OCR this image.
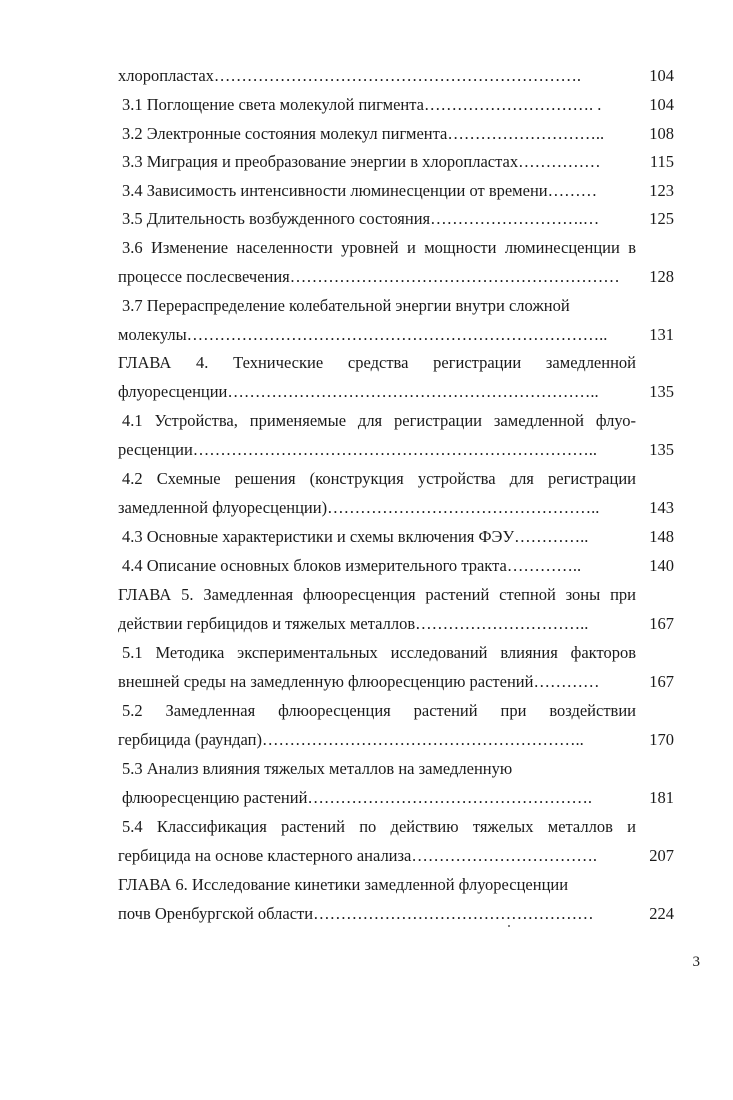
хлоропластах………………………………………………………….	104
3.1 Поглощение света молекулой пигмента…………………………. .	104
3.2 Электронные состояния молекул пигмента………………………..	108
3.3 Миграция и преобразование энергии в хлоропластах……………	115
3.4 Зависимость интенсивности люминесценции от времени………	123
3.5 Длительность возбужденного состояния……………………….…	125
3.6 Изменение населенности уровней и мощности люминесценции в
процессе послесвечения……………………………………………………	128
3.7 Перераспределение колебательной энергии внутри сложной
молекулы…………………………………………………………………..	131
ГЛАВА 4. Технические средства регистрации замедленной
флуоресценции…………………………………………………………..	135
4.1 Устройства, применяемые для регистрации замедленной флуо-
ресценции………………………………………………………………..	135
4.2 Схемные решения (конструкция устройства для регистрации
замедленной флуоресценции)…………………………………………..	143
4.3 Основные характеристики и схемы включения ФЭУ…………..	148
4.4 Описание основных блоков измерительного тракта…………..	140
ГЛАВА 5. Замедленная флюоресценция растений степной зоны при
действии гербицидов и тяжелых металлов…………………………..	167
5.1 Методика экспериментальных исследований влияния факторов
внешней среды на замедленную флюоресценцию растений…………	167
5.2 Замедленная флюоресценция растений при воздействии
гербицида (раундап)…………………………………………………..	170
5.3 Анализ влияния тяжелых металлов на замедленную
флюоресценцию растений…………………………………………….	181
5.4 Классификация растений по действию тяжелых металлов и
гербицида на основе кластерного анализа…………………………….	207
ГЛАВА 6. Исследование кинетики замедленной флуоресценции
почв Оренбургской области……………………………………………	224
3
